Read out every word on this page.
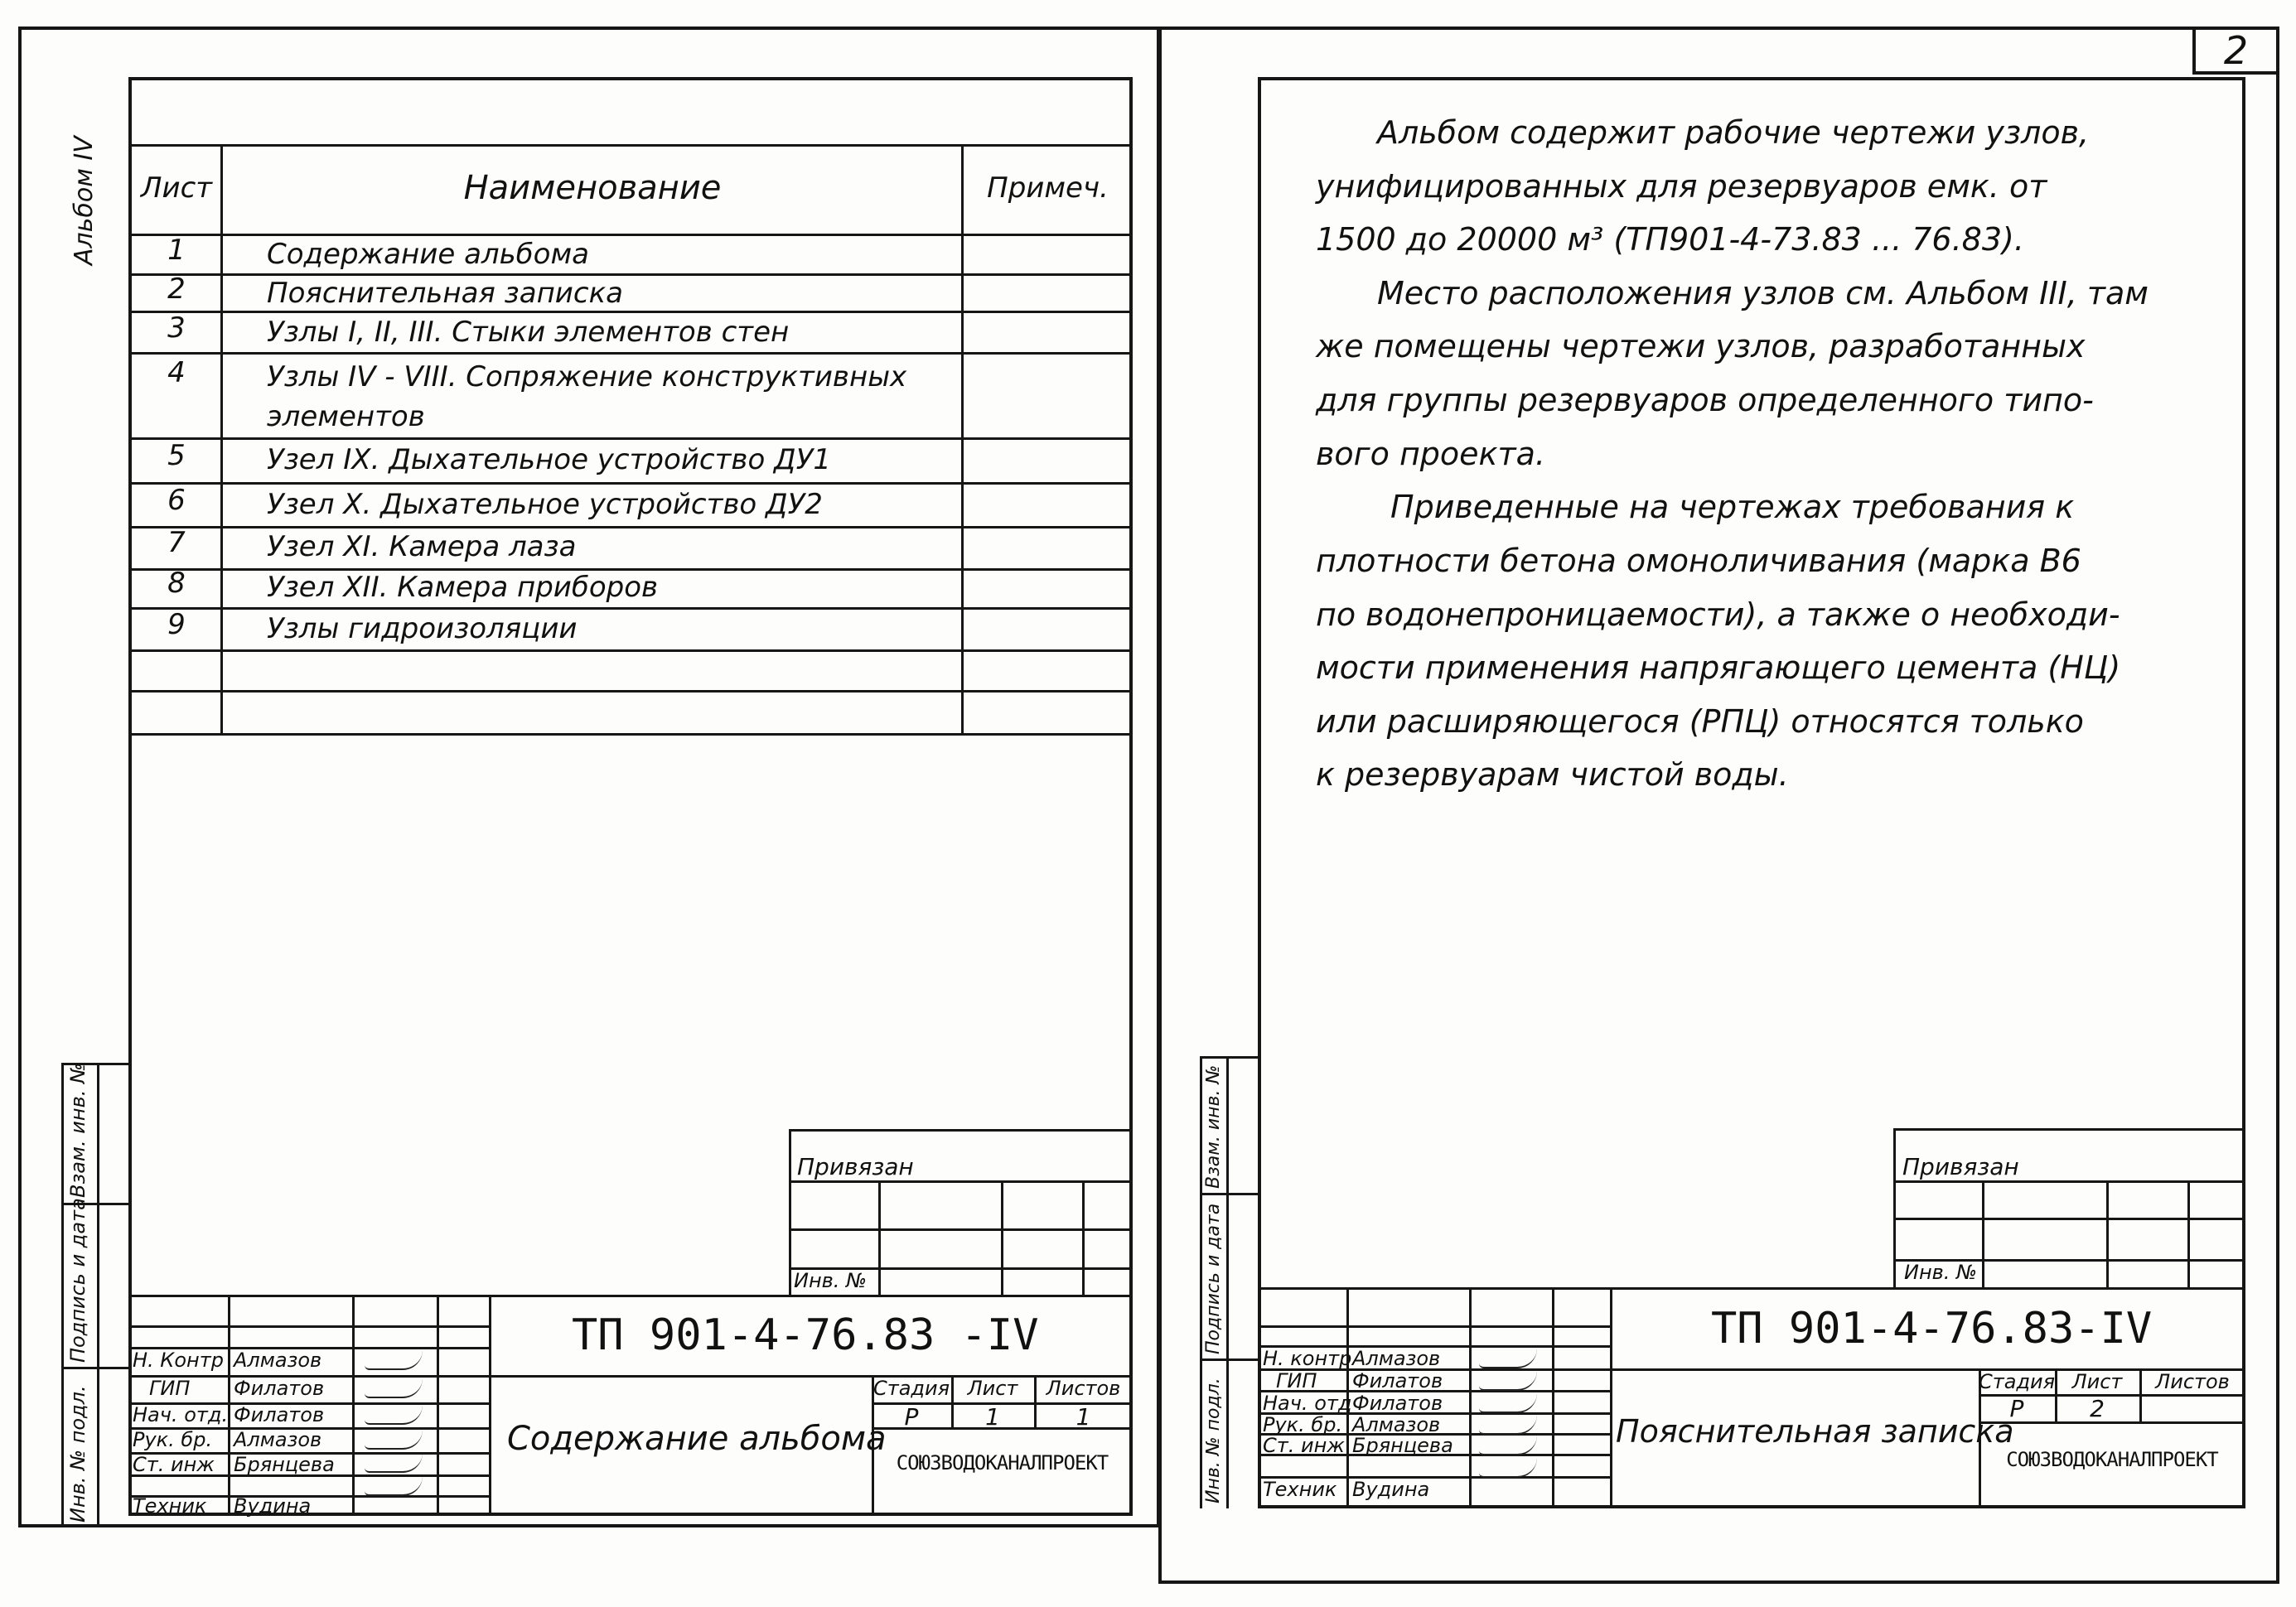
2
Альбом IV Лист	Наименование	Примеч.
1	Содержание альбома
2	Пояснительная записка
3	Узлы I, II, III. Стыки элементов стен
4	Узлы IV - VIII. Сопряжение конструктивных
элементов
5	Узел IX. Дыхательное устройство ДУ1
6	Узел X. Дыхательное устройство ДУ2
7	Узел XI. Камера лаза
8	Узел XII. Камера приборов
9	Узлы гидроизоляции
Привязан
Инв. №
ТП 901-4-76.83 -IV
Содержание альбома
Стадия Лист	Листов
Р	1	1
СОЮЗВОДОКАНАЛПРОЕКТ
Н. Контр Алмазов
ГИП Филатов
Нач. отд. Филатов
Рук. бр. Алмазов
Ст. инж Брянцева
Техник Вудина
Инв. № подл.
Подпись и дата
Взам. инв. №
Альбом содержит рабочие чертежи узлов,
унифицированных для резервуаров емк. от
1500 до 20000 м³ (ТП901-4-73.83 ... 76.83).
Место расположения узлов см. Альбом III, там
же помещены чертежи узлов, разработанных
для группы резервуаров определенного типо-
вого проекта.
Приведенные на чертежах требования к
плотности бетона омоноличивания (марка В6
по водонепроницаемости), а также о необходи-
мости применения напрягающего цемента (НЦ)
или расширяющегося (РПЦ) относятся только
к резервуарам чистой воды.
Привязан
Инв. №
ТП 901-4-76.83-IV
Пояснительная записка
Стадия Лист	Листов
Р	2
СОЮЗВОДОКАНАЛПРОЕКТ
Н. контр Алмазов
ГИП Филатов
Нач. отд Филатов
Рук. бр. Алмазов
Ст. инж Брянцева
Техник Вудина
Инв. № подл.
Подпись и дата
Взам. инв. №
